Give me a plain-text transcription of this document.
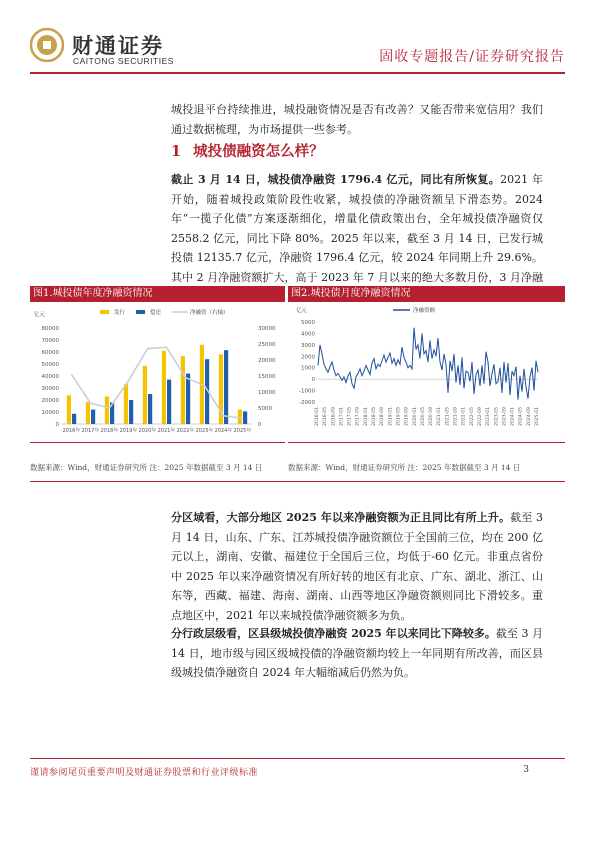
财通证券
CAITONG SECURITIES	固收专题报告/证券研究报告
城投退平台持续推进，城投融资情况是否有改善？又能否带来宽信用？我们通过数据梳理，为市场提供一些参考。
1 城投债融资怎么样？
截止 3 月 14 日，城投债净融资 1796.4 亿元，同比有所恢复。2021 年开始，随着城投政策阶段性收紧，城投债的净融资额呈下滑态势。2024 年“一揽子化债”方案逐渐细化，增量化债政策出台，全年城投债净融资仅 2558.2 亿元，同比下降 80%。2025 年以来，截至 3 月 14 日，已发行城投债 12135.7 亿元，净融资 1796.4 亿元，较 2024 年同期上升 29.6%。其中 2 月净融资额扩大，高于 2023 年 7 月以来的绝大多数月份，3 月净融
图1.城投债年度净融资情况	图2.城投债月度净融资情况
亿元
0
10000
20000
30000
40000
50000
60000
70000
80000
0
5000
10000
15000
20000
25000
30000
发行	偿还	净融资（右轴）
2016年 2017年 2018年 2019年 2020年 2021年 2022年 2023年 2024年 2025年
亿元	净融资额
-2000
-1000
0
1000
2000
3000
4000
5000
2016-01 2016-05 2016-09 2017-01 2017-05 2017-09 2018-01 2018-05 2018-09 2019-01 2019-05 2019-09 2020-01 2020-05 2020-09 2021-01 2021-05 2021-09 2022-01 2022-05 2022-09 2023-01 2023-05 2023-09 2024-01 2024-05 2024-09 2025-01
数据来源：Wind，财通证券研究所 注：2025 年数据截至 3 月 14 日	数据来源：Wind，财通证券研究所 注：2025 年数据截至 3 月 14 日
分区域看，大部分地区 2025 年以来净融资额为正且同比有所上升。截至 3 月 14 日，山东、广东、江苏城投债净融资额位于全国前三位，均在 200 亿元以上，湖南、安徽、福建位于全国后三位，均低于-60 亿元。非重点省份中 2025 年以来净融资情况有所好转的地区有北京、广东、湖北、浙江、山东等，西藏、福建、海南、湖南、山西等地区净融资额则同比下滑较多。重点地区中，2021 年以来城投债净融资额多为负。
分行政层级看，区县级城投债净融资 2025 年以来同比下降较多。截至 3 月 14 日，地市级与园区级城投债的净融资额均较上一年同期有所改善，而区县级城投债净融资自 2024 年大幅缩减后仍然为负。
谨请参阅尾页重要声明及财通证券股票和行业评级标准	3
